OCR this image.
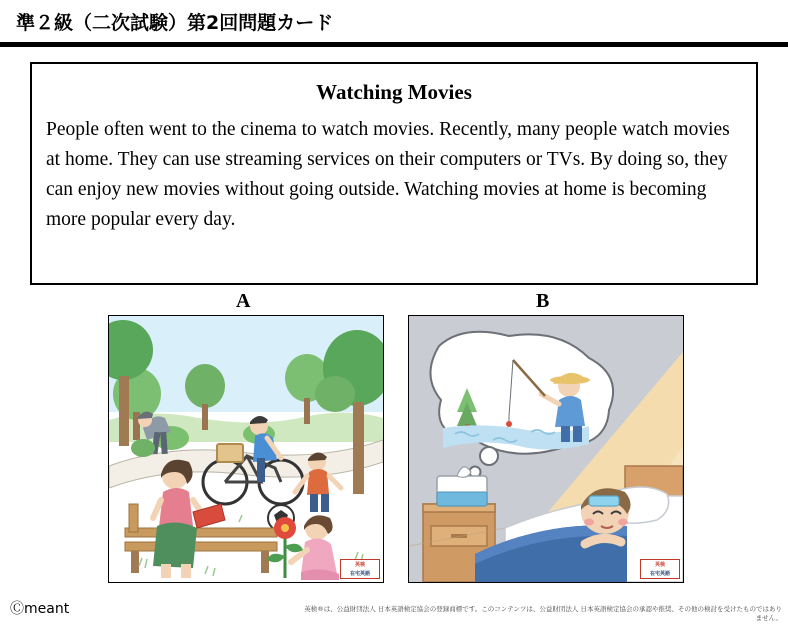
準２級（二次試験）第2回問題カード
Watching Movies
People often went to the cinema to watch movies. Recently, many people watch movies at home. They can use streaming services on their computers or TVs. By doing so, they can enjoy new movies without going outside. Watching movies at home is becoming more popular every day.
A	B
英検
在宅英語
英検
在宅英語
Ⓒmeant	英検®は、公益財団法人 日本英語検定協会の登録商標です。このコンテンツは、公益財団法人 日本英語検定協会の承認や推奨、その他の検討を受けたものではありません。
